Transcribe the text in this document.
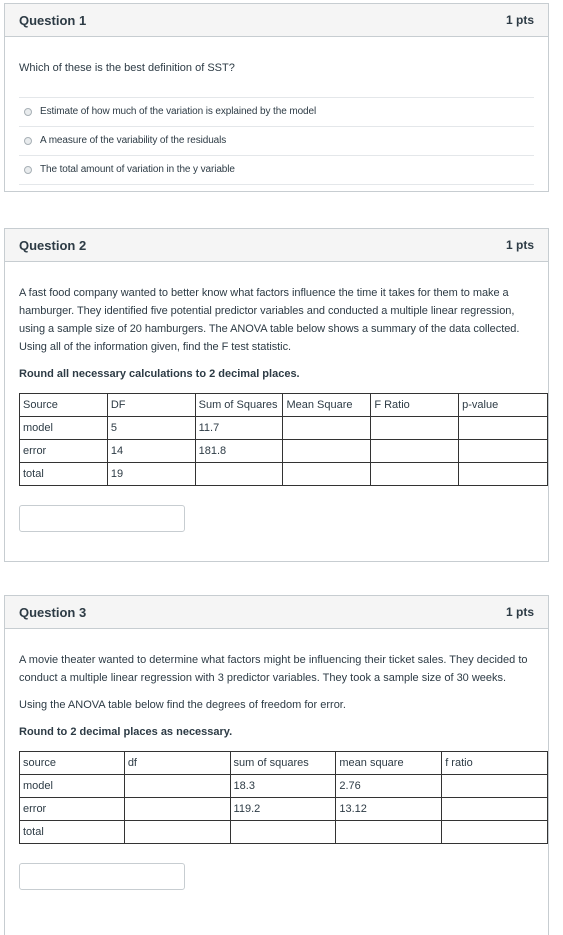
Question 1	1 pts

Which of these is the best definition of SST?

Estimate of how much of the variation is explained by the model
A measure of the variability of the residuals
The total amount of variation in the y variable
Question 2	1 pts

A fast food company wanted to better know what factors influence the time it takes for them to make a hamburger. They identified five potential predictor variables and conducted a multiple linear regression, using a sample size of 20 hamburgers. The ANOVA table below shows a summary of the data collected. Using all of the information given, find the F test statistic.

Round all necessary calculations to 2 decimal places.

Source	DF	Sum of Squares	Mean Square	F Ratio	p-value
model	5	11.7			
error	14	181.8			
total	19				
Question 3	1 pts

A movie theater wanted to determine what factors might be influencing their ticket sales. They decided to conduct a multiple linear regression with 3 predictor variables. They took a sample size of 30 weeks.

Using the ANOVA table below find the degrees of freedom for error.

Round to 2 decimal places as necessary.

source	df	sum of squares	mean square	f ratio
model		18.3	2.76	
error		119.2	13.12	
total				
